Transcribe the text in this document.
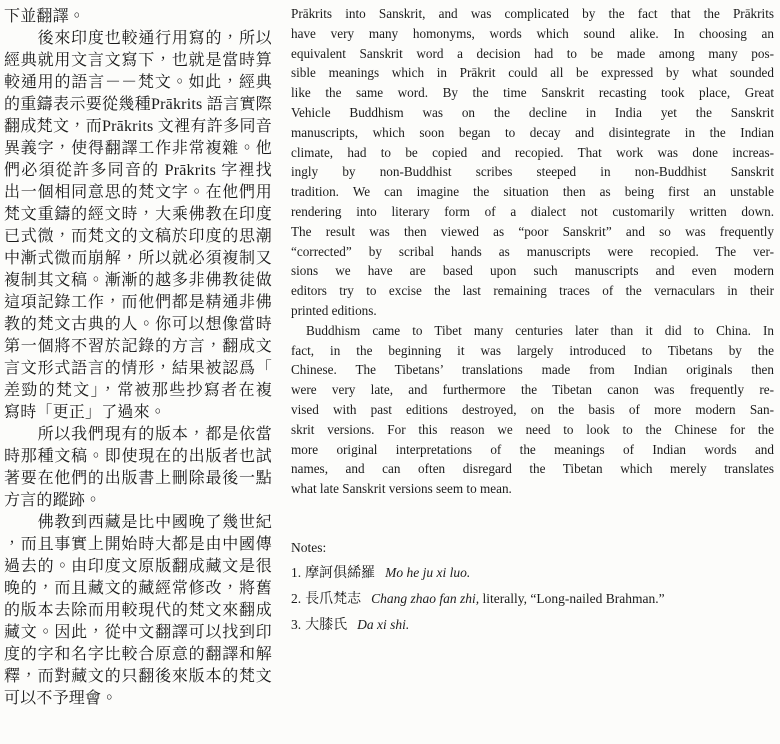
下並翻譯。
　　後來印度也較通行用寫的，所以
經典就用文言文寫下，也就是當時算
較通用的語言－－梵文。如此，經典
的重鑄表示要從幾種Prākrits 語言實際
翻成梵文，而Prākrits 文裡有許多同音
異義字，使得翻譯工作非常複雜。他
們必須從許多同音的 Prākrits 字裡找
出一個相同意思的梵文字。在他們用
梵文重鑄的經文時，大乘佛教在印度
已式微，而梵文的文稿於印度的思潮
中漸式微而崩解，所以就必須複制又
複制其文稿。漸漸的越多非佛教徒做
這項記錄工作，而他們都是精通非佛
教的梵文古典的人。你可以想像當時
第一個將不習於記錄的方言，翻成文
言文形式語言的情形，結果被認爲「
差勁的梵文」，常被那些抄寫者在複
寫時「更正」了過來。
　　所以我們現有的版本，都是依當
時那種文稿。即使現在的出版者也試
著要在他們的出版書上刪除最後一點
方言的蹤跡。
　　佛教到西藏是比中國晚了幾世紀
，而且事實上開始時大都是由中國傳
過去的。由印度文原版翻成藏文是很
晚的，而且藏文的藏經常修改，將舊
的版本去除而用較現代的梵文來翻成
藏文。因此，從中文翻譯可以找到印
度的字和名字比較合原意的翻譯和解
釋，而對藏文的只翻後來版本的梵文
可以不予理會。
Prākrits into Sanskrit, and was complicated by the fact that the Prākrits
have very many homonyms, words which sound alike. In choosing an
equivalent Sanskrit word a decision had to be made among many pos-
sible meanings which in Prākrit could all be expressed by what sounded
like the same word. By the time Sanskrit recasting took place, Great
Vehicle Buddhism was on the decline in India yet the Sanskrit
manuscripts, which soon began to decay and disintegrate in the Indian
climate, had to be copied and recopied. That work was done increas-
ingly by non-Buddhist scribes steeped in non-Buddhist Sanskrit
tradition. We can imagine the situation then as being first an unstable
rendering into literary form of a dialect not customarily written down.
The result was then viewed as “poor Sanskrit” and so was frequently
“corrected” by scribal hands as manuscripts were recopied. The ver-
sions we have are based upon such manuscripts and even modern
editors try to excise the last remaining traces of the vernaculars in their
printed editions.
Buddhism came to Tibet many centuries later than it did to China. In
fact, in the beginning it was largely introduced to Tibetans by the
Chinese. The Tibetans’ translations made from Indian originals then
were very late, and furthermore the Tibetan canon was frequently re-
vised with past editions destroyed, on the basis of more modern San-
skrit versions. For this reason we need to look to the Chinese for the
more original interpretations of the meanings of Indian words and
names, and can often disregard the Tibetan which merely translates
what late Sanskrit versions seem to mean.
Notes:
1. 摩訶俱絺羅 Mo he ju xi luo.
2. 長爪梵志 Chang zhao fan zhi, literally, “Long-nailed Brahman.”
3. 大膝氏 Da xi shi.
